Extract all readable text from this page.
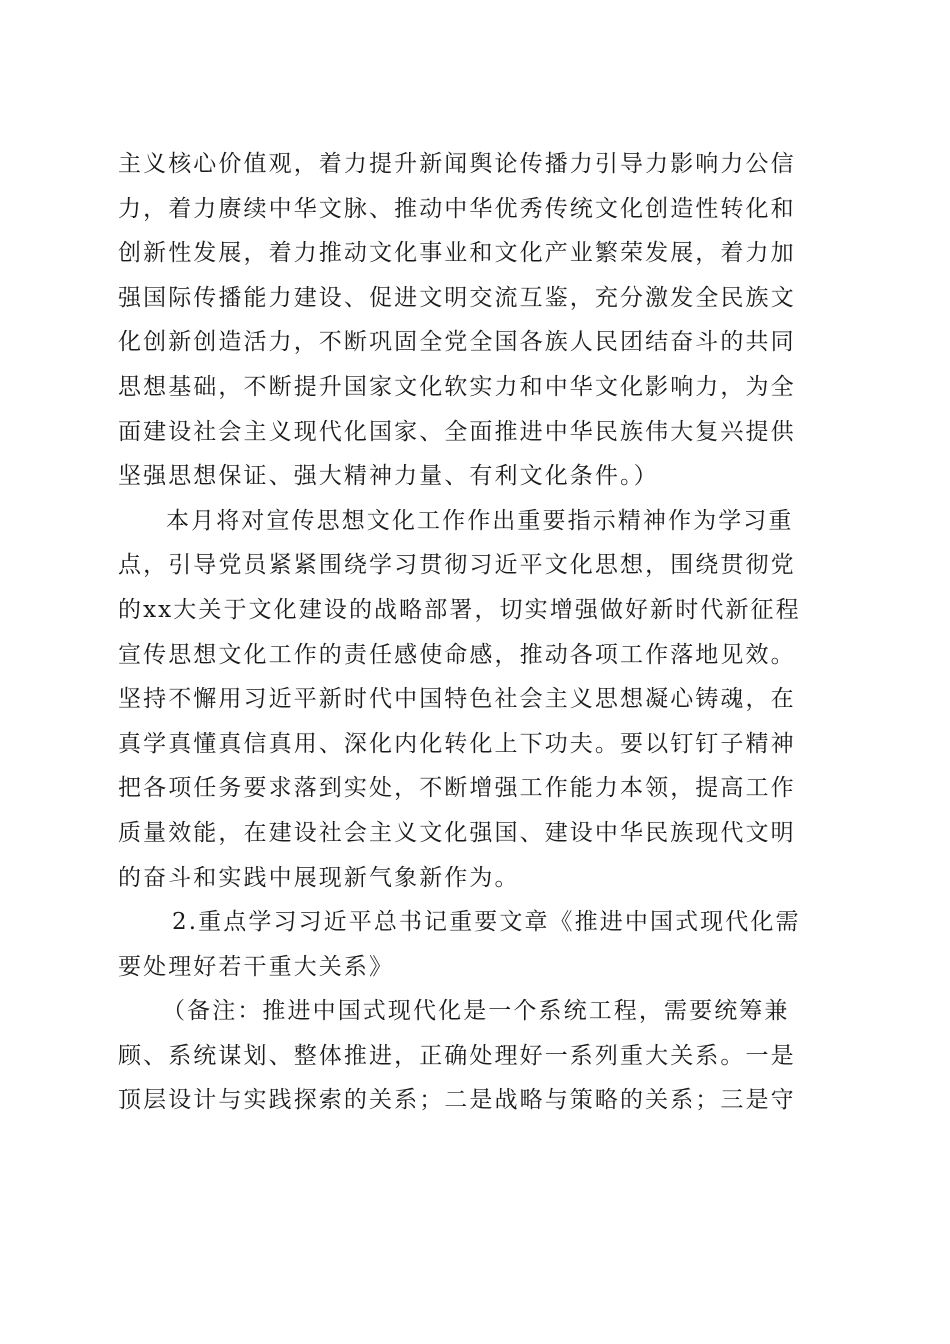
主义核心价值观，着力提升新闻舆论传播力引导力影响力公信
力，着力赓续中华文脉、推动中华优秀传统文化创造性转化和
创新性发展，着力推动文化事业和文化产业繁荣发展，着力加
强国际传播能力建设、促进文明交流互鉴，充分激发全民族文
化创新创造活力，不断巩固全党全国各族人民团结奋斗的共同
思想基础，不断提升国家文化软实力和中华文化影响力，为全
面建设社会主义现代化国家、全面推进中华民族伟大复兴提供
坚强思想保证、强大精神力量、有利文化条件。）
本月将对宣传思想文化工作作出重要指示精神作为学习重
点，引导党员紧紧围绕学习贯彻习近平文化思想，围绕贯彻党
的xx大关于文化建设的战略部署，切实增强做好新时代新征程
宣传思想文化工作的责任感使命感，推动各项工作落地见效。
坚持不懈用习近平新时代中国特色社会主义思想凝心铸魂，在
真学真懂真信真用、深化内化转化上下功夫。要以钉钉子精神
把各项任务要求落到实处，不断增强工作能力本领，提高工作
质量效能，在建设社会主义文化强国、建设中华民族现代文明
的奋斗和实践中展现新气象新作为。
2.重点学习习近平总书记重要文章《推进中国式现代化需
要处理好若干重大关系》
（备注：推进中国式现代化是一个系统工程，需要统筹兼
顾、系统谋划、整体推进，正确处理好一系列重大关系。一是
顶层设计与实践探索的关系；二是战略与策略的关系；三是守
